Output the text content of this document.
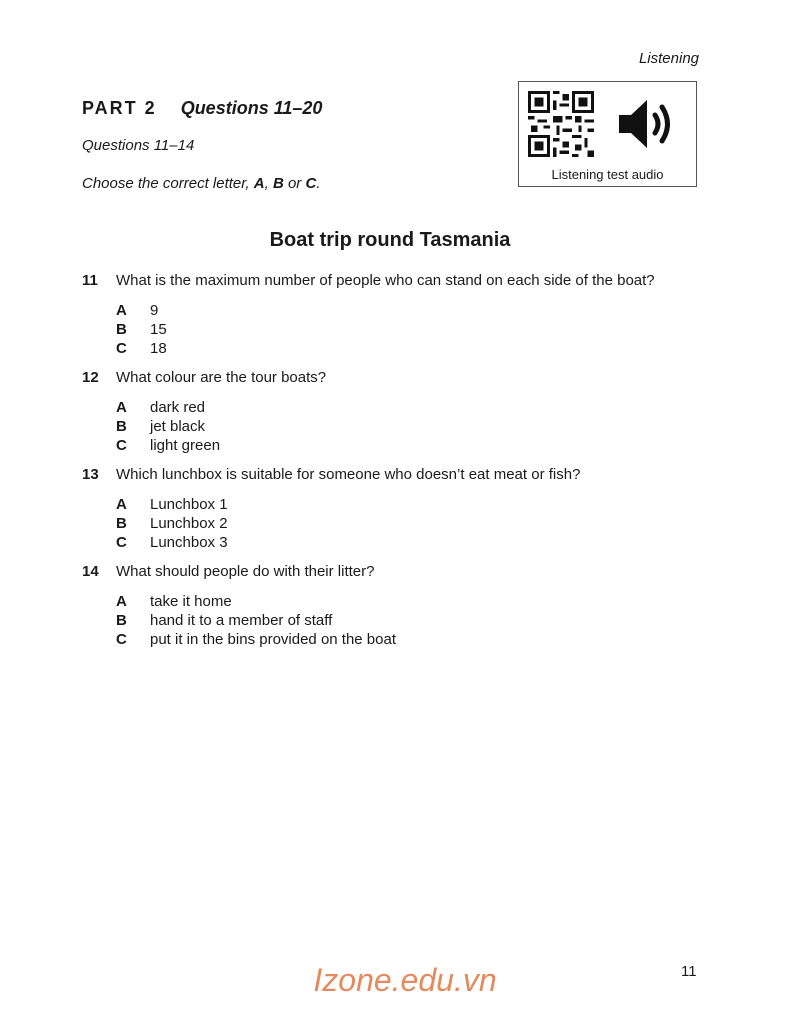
Listening
PART 2 Questions 11–20
Questions 11–14
Choose the correct letter, A, B or C.
Listening test audio
Boat trip round Tasmania
11	What is the maximum number of people who can stand on each side of the boat?
A	9
B	15
C	18
12	What colour are the tour boats?
A	dark red
B	jet black
C	light green
13	Which lunchbox is suitable for someone who doesn’t eat meat or fish?
A	Lunchbox 1
B	Lunchbox 2
C	Lunchbox 3
14	What should people do with their litter?
A	take it home
B	hand it to a member of staff
C	put it in the bins provided on the boat
Izone.edu.vn	11
